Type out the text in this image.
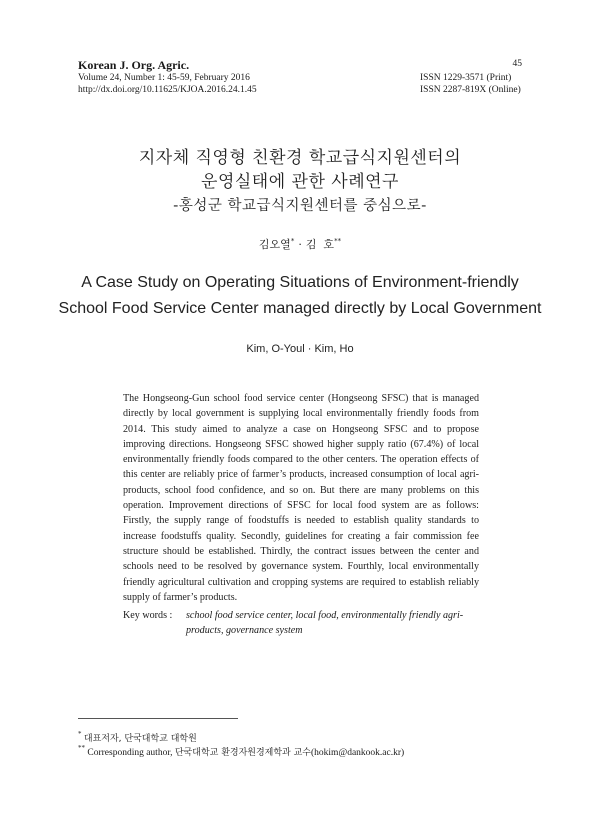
Korean J. Org. Agric.
Volume 24, Number 1: 45-59, February 2016
http://dx.doi.org/10.11625/KJOA.2016.24.1.45
45
ISSN 1229-3571 (Print)
ISSN 2287-819X (Online)
지자체 직영형 친환경 학교급식지원센터의
운영실태에 관한 사례연구
-홍성군 학교급식지원센터를 중심으로-
김오열* · 김  호**
A Case Study on Operating Situations of Environment-friendly
School Food Service Center managed directly by Local Government
Kim, O-Youl · Kim, Ho
The Hongseong-Gun school food service center (Hongseong SFSC) that is managed directly by local government is supplying local environmentally friendly foods from 2014. This study aimed to analyze a case on Hongseong SFSC and to propose improving directions. Hongseong SFSC showed higher supply ratio (67.4%) of local environmentally friendly foods compared to the other centers. The operation effects of this center are reliably price of farmer’s products, increased consumption of local agri-products, school food confidence, and so on. But there are many problems on this operation. Improvement directions of SFSC for local food system are as follows: Firstly, the supply range of foodstuffs is needed to establish quality standards to increase foodstuffs quality. Secondly, guidelines for creating a fair commission fee structure should be established. Thirdly, the contract issues between the center and schools need to be resolved by governance system. Fourthly, local environmentally friendly agricultural cultivation and cropping systems are required to establish reliably supply of farmer’s products.
Key words : school food service center, local food, environmentally friendly agri-products, governance system
* 대표저자, 단국대학교 대학원
** Corresponding author, 단국대학교 환경자원경제학과 교수(hokim@dankook.ac.kr)
